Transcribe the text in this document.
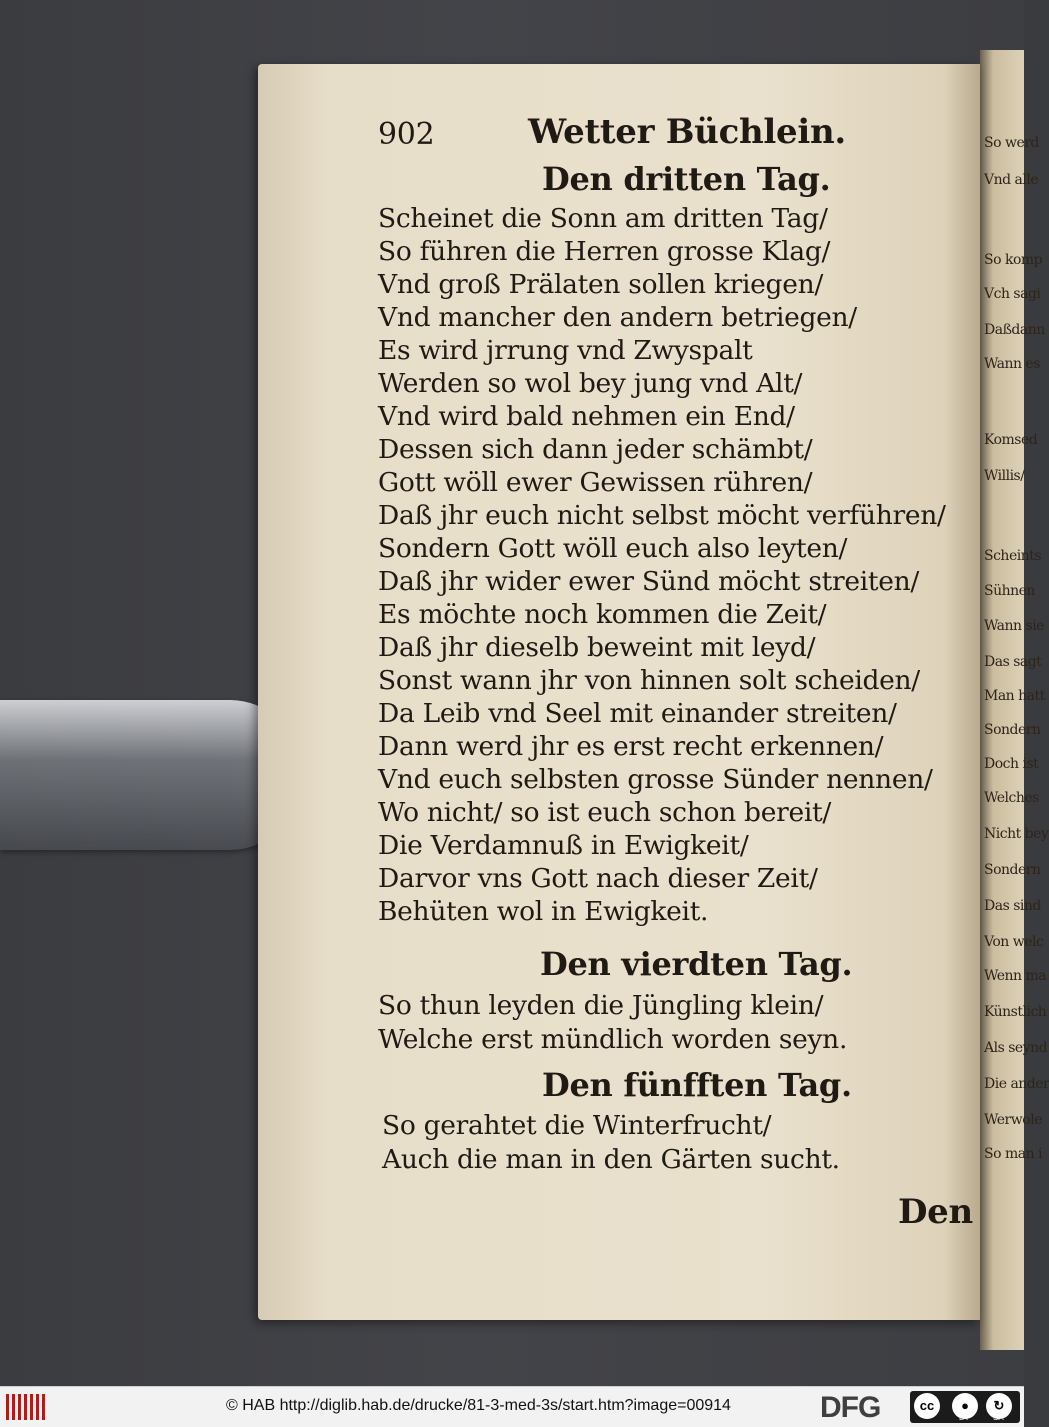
So werd
Vnd alle
So komp
Vch sagi
Daßdann
Wann es
Komsed
Willis/
Scheints
Sühnen
Wann sie
Das sagt
Man hatt
Sondern
Doch ist
Welches
Nicht bey
Sondern
Das sind
Von welc
Wenn ma
Künstlich
Als seynd
Die ander
Werwole
So man i
902	Wetter Büchlein.
Den dritten Tag.
Scheinet die Sonn am dritten Tag/
So führen die Herren grosse Klag/
Vnd groß Prälaten sollen kriegen/
Vnd mancher den andern betriegen/
Es wird jrrung vnd Zwyspalt
Werden so wol bey jung vnd Alt/
Vnd wird bald nehmen ein End/
Dessen sich dann jeder schämbt/
Gott wöll ewer Gewissen rühren/
Daß jhr euch nicht selbst möcht verführen/
Sondern Gott wöll euch also leyten/
Daß jhr wider ewer Sünd möcht streiten/
Es möchte noch kommen die Zeit/
Daß jhr dieselb beweint mit leyd/
Sonst wann jhr von hinnen solt scheiden/
Da Leib vnd Seel mit einander streiten/
Dann werd jhr es erst recht erkennen/
Vnd euch selbsten grosse Sünder nennen/
Wo nicht/ so ist euch schon bereit/
Die Verdamnuß in Ewigkeit/
Darvor vns Gott nach dieser Zeit/
Behüten wol in Ewigkeit.
Den vierdten Tag.
So thun leyden die Jüngling klein/
Welche erst mündlich worden seyn.
Den fünfften Tag.
So gerahtet die Winterfrucht/
Auch die man in den Gärten sucht.
Den
© HAB http://diglib.hab.de/drucke/81-3-med-3s/start.htm?image=00914	DFG	cc	●	↻
BY	SA
